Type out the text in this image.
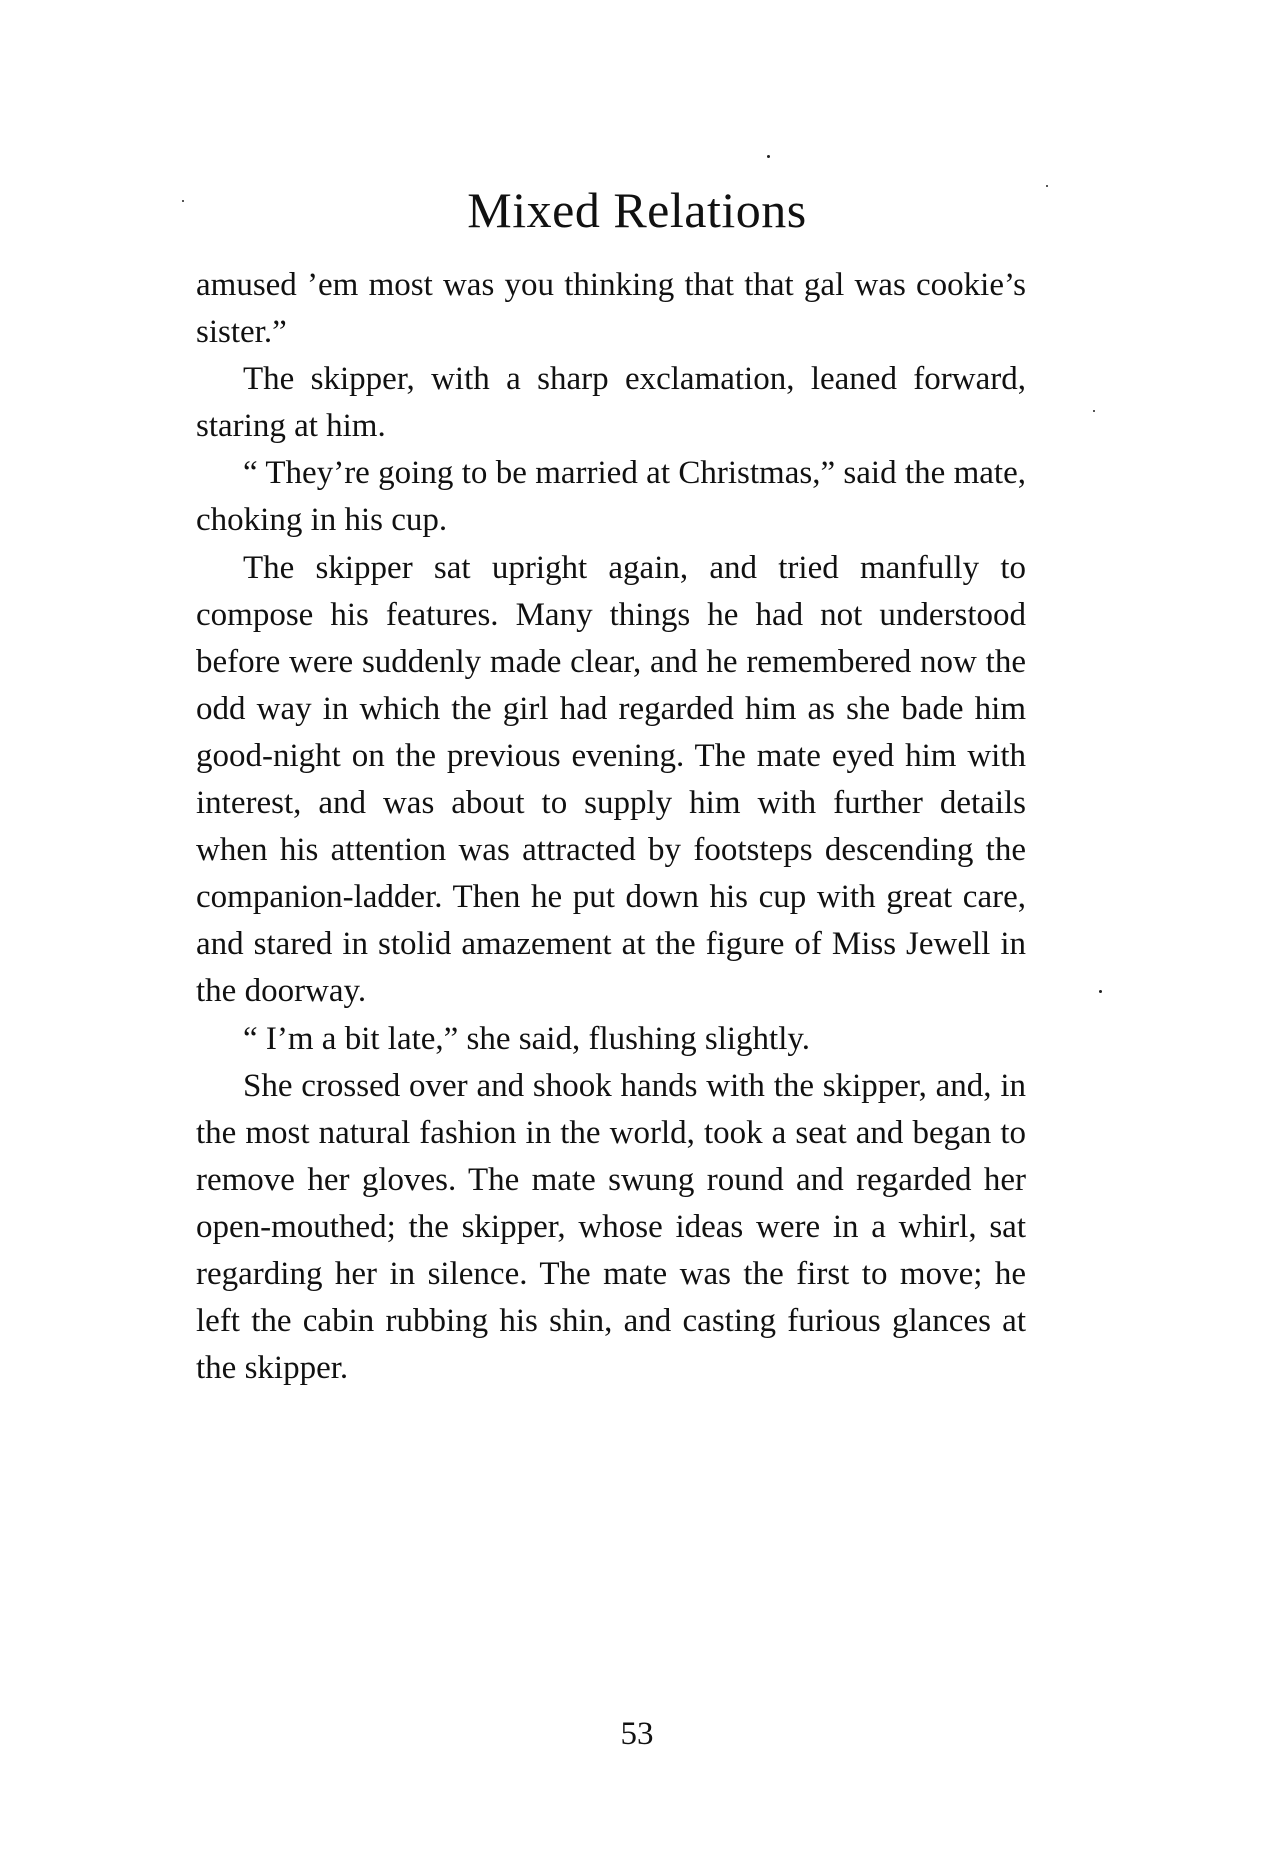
Mixed Relations

amused ’em most was you thinking that that gal was cookie’s sister.”

The skipper, with a sharp exclamation, leaned forward, staring at him.

“ They’re going to be married at Christmas,” said the mate, choking in his cup.

The skipper sat upright again, and tried manfully to compose his features. Many things he had not understood before were suddenly made clear, and he remembered now the odd way in which the girl had regarded him as she bade him good-night on the previous evening. The mate eyed him with interest, and was about to supply him with further details when his attention was attracted by footsteps descending the companion-ladder. Then he put down his cup with great care, and stared in stolid amazement at the figure of Miss Jewell in the doorway.

“ I’m a bit late,” she said, flushing slightly.

She crossed over and shook hands with the skipper, and, in the most natural fashion in the world, took a seat and began to remove her gloves. The mate swung round and regarded her open-mouthed; the skipper, whose ideas were in a whirl, sat regarding her in silence. The mate was the first to move; he left the cabin rubbing his shin, and casting furious glances at the skipper.

53
